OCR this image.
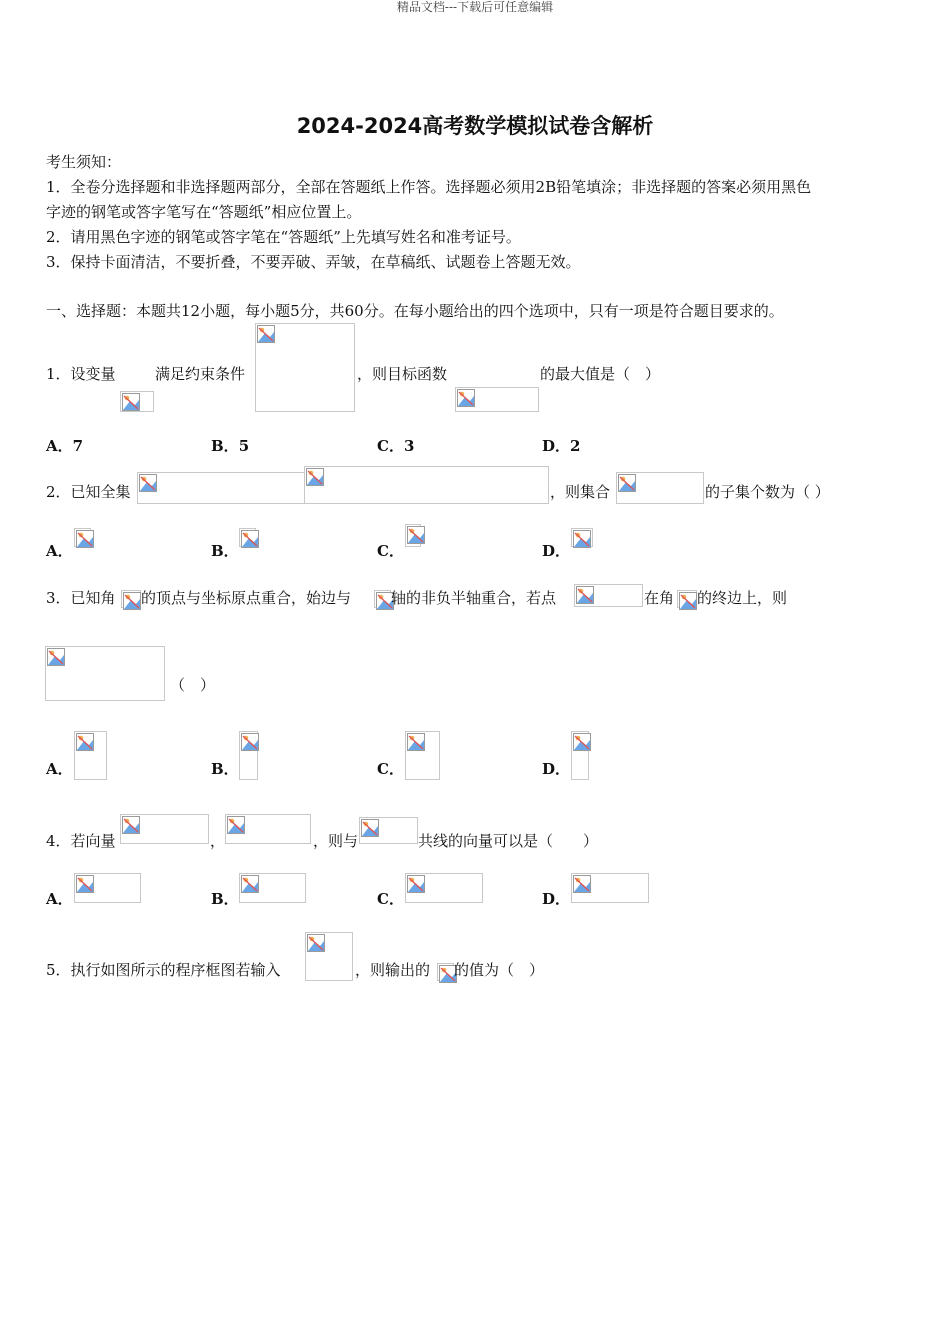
精品文档---下载后可任意编辑
2024-2024高考数学模拟试卷含解析
考生须知：
1．全卷分选择题和非选择题两部分，全部在答题纸上作答。选择题必须用2B铅笔填涂；非选择题的答案必须用黑色
字迹的钢笔或答字笔写在“答题纸”相应位置上。
2．请用黑色字迹的钢笔或答字笔在“答题纸”上先填写姓名和准考证号。
3．保持卡面清洁，不要折叠，不要弄破、弄皱，在草稿纸、试题卷上答题无效。
一、选择题：本题共12小题，每小题5分，共60分。在每小题给出的四个选项中，只有一项是符合题目要求的。
1．设变量	满足约束条件	，则目标函数	的最大值是（　）
A．7	B．5	C．3	D．2
2．已知全集	，则集合	的子集个数为（ ）
A．	B．	C．	D．
3．已知角 的顶点与坐标原点重合，始边与	轴的非负半轴重合，若点	在角 的终边上，则
（　）
A．	B．	C．	D．
4．若向量	，	，则与	共线的向量可以是（　　）
A．	B．	C．	D．
5．执行如图所示的程序框图若输入	，则输出的 的值为（　）
